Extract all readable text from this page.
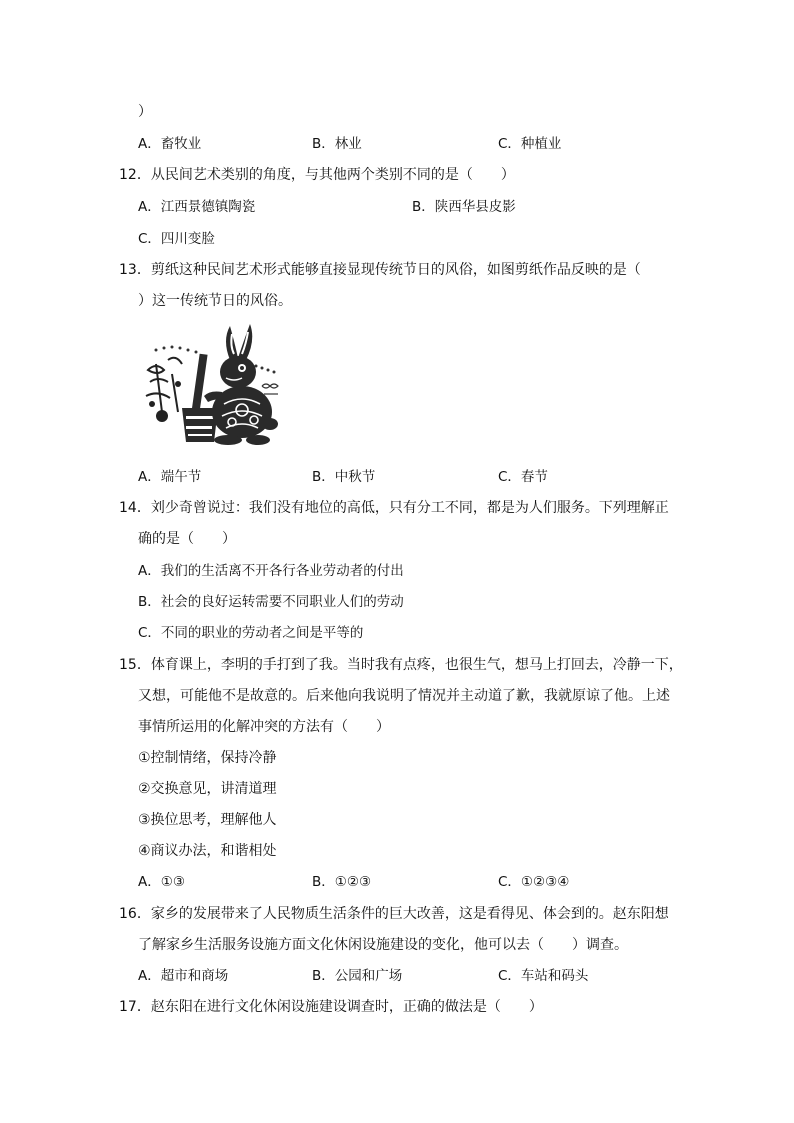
）
A．畜牧业	B．林业	C．种植业
12．从民间艺术类别的角度，与其他两个类别不同的是（　　）
A．江西景德镇陶瓷	B．陕西华县皮影
C．四川变脸
13．剪纸这种民间艺术形式能够直接显现传统节日的风俗，如图剪纸作品反映的是（
）这一传统节日的风俗。
A．端午节	B．中秋节	C．春节
14．刘少奇曾说过：我们没有地位的高低，只有分工不同，都是为人们服务。下列理解正
确的是（　　）
A．我们的生活离不开各行各业劳动者的付出
B．社会的良好运转需要不同职业人们的劳动
C．不同的职业的劳动者之间是平等的
15．体育课上，李明的手打到了我。当时我有点疼，也很生气，想马上打回去，冷静一下，
又想，可能他不是故意的。后来他向我说明了情况并主动道了歉，我就原谅了他。上述
事情所运用的化解冲突的方法有（　　）
①控制情绪，保持冷静
②交换意见，讲清道理
③换位思考，理解他人
④商议办法，和谐相处
A．①③	B．①②③	C．①②③④
16．家乡的发展带来了人民物质生活条件的巨大改善，这是看得见、体会到的。赵东阳想
了解家乡生活服务设施方面文化休闲设施建设的变化，他可以去（　　）调查。
A．超市和商场	B．公园和广场	C．车站和码头
17．赵东阳在进行文化休闲设施建设调查时，正确的做法是（　　）
